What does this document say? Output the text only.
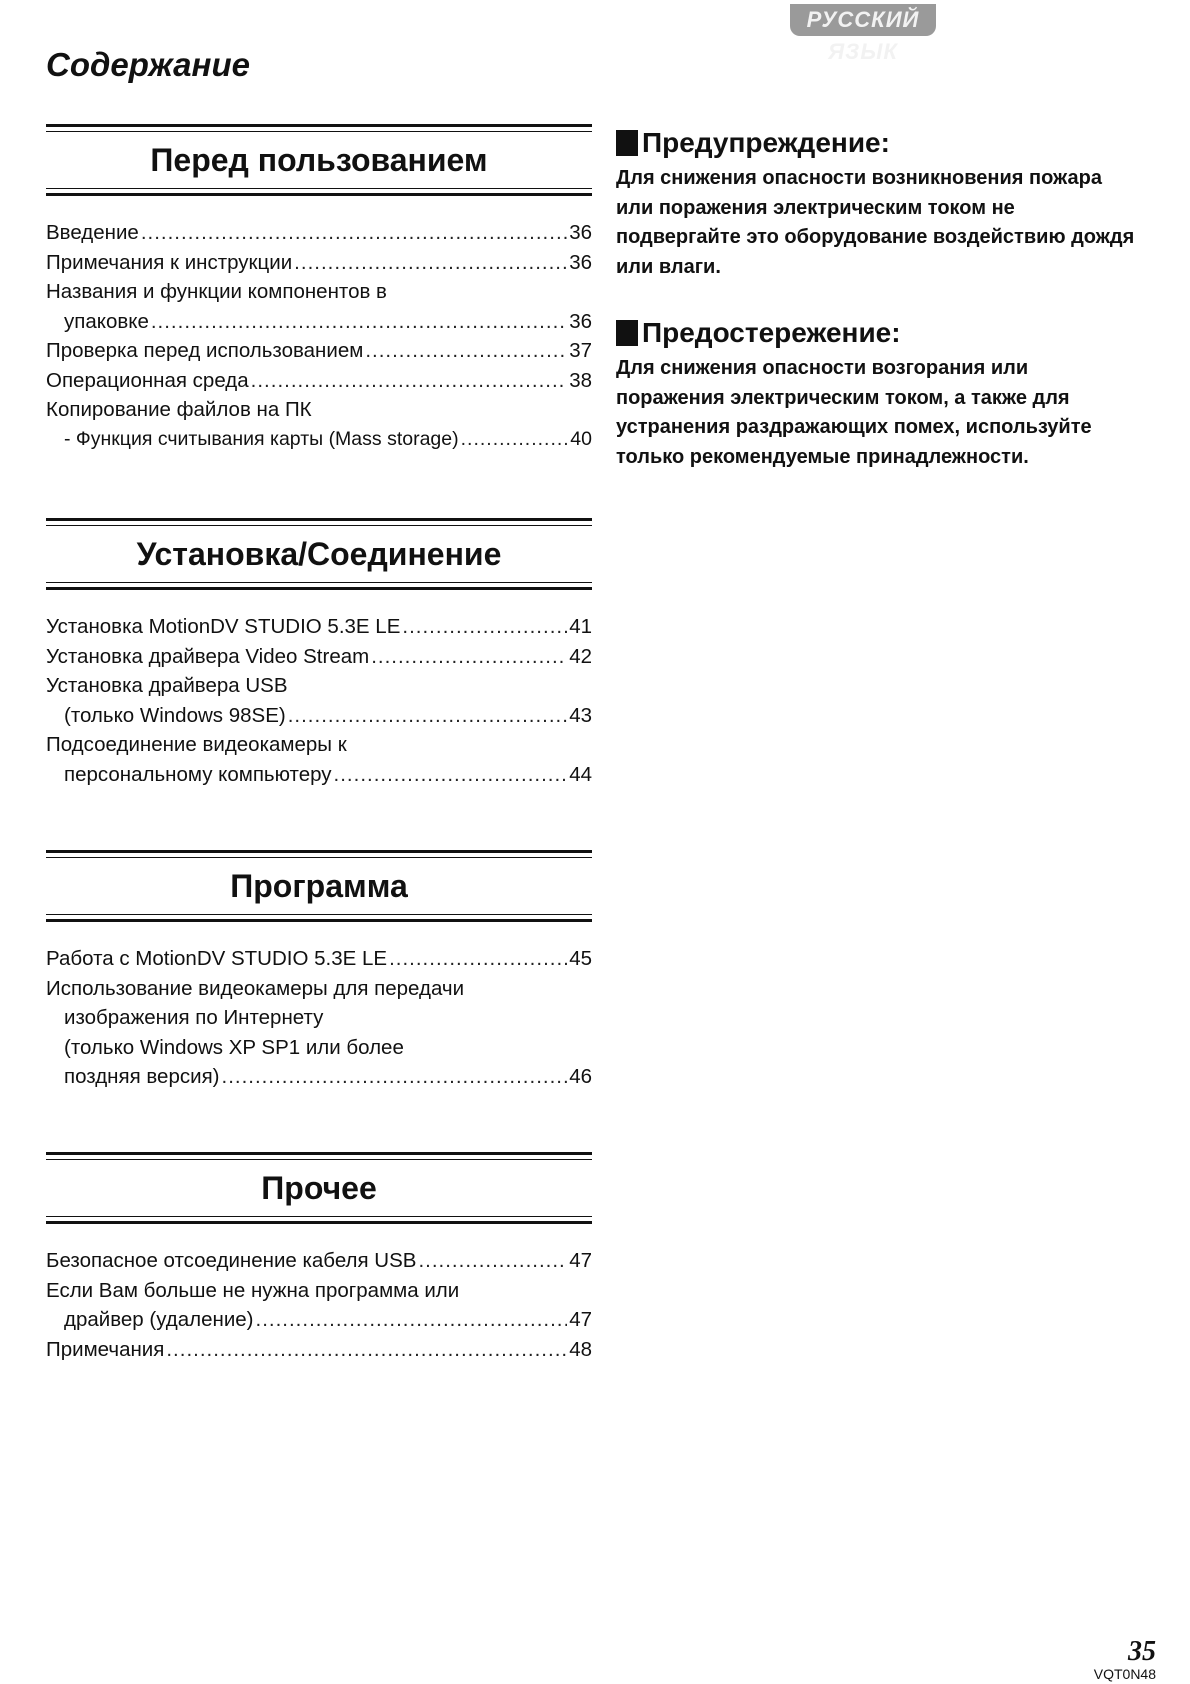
РУССКИЙ ЯЗЫК
Содержание
Перед пользованием
Введение .....	36
Примечания к инструкции .....	36
Названия и функции компонентов в
упаковке .....	36
Проверка перед использованием .....	37
Операционная среда .....	38
Копирование файлов на ПК
- Функция считывания карты (Mass storage) .....	40
Установка/Соединение
Установка MotionDV STUDIO 5.3E LE .....	41
Установка драйвера Video Stream .....	42
Установка драйвера USB
(только Windows 98SE) .....	43
Подсоединение видеокамеры к
персональному компьютеру .....	44
Программа
Работа с MotionDV STUDIO 5.3E LE .....	45
Использование видеокамеры для передачи
изображения по Интернету
(только Windows XP SP1 или более
поздняя версия) .....	46
Прочее
Безопасное отсоединение кабеля USB .....	47
Если Вам больше не нужна программа или
драйвер (удаление) .....	47
Примечания .....	48
Предупреждение:

Для снижения опасности возникновения пожара или поражения электрическим током не подвергайте это оборудование воздействию дождя или влаги.

Предостережение:

Для снижения опасности возгорания или поражения электрическим током, а также для устранения раздражающих помех, используйте только рекомендуемые принадлежности.

35
VQT0N48
